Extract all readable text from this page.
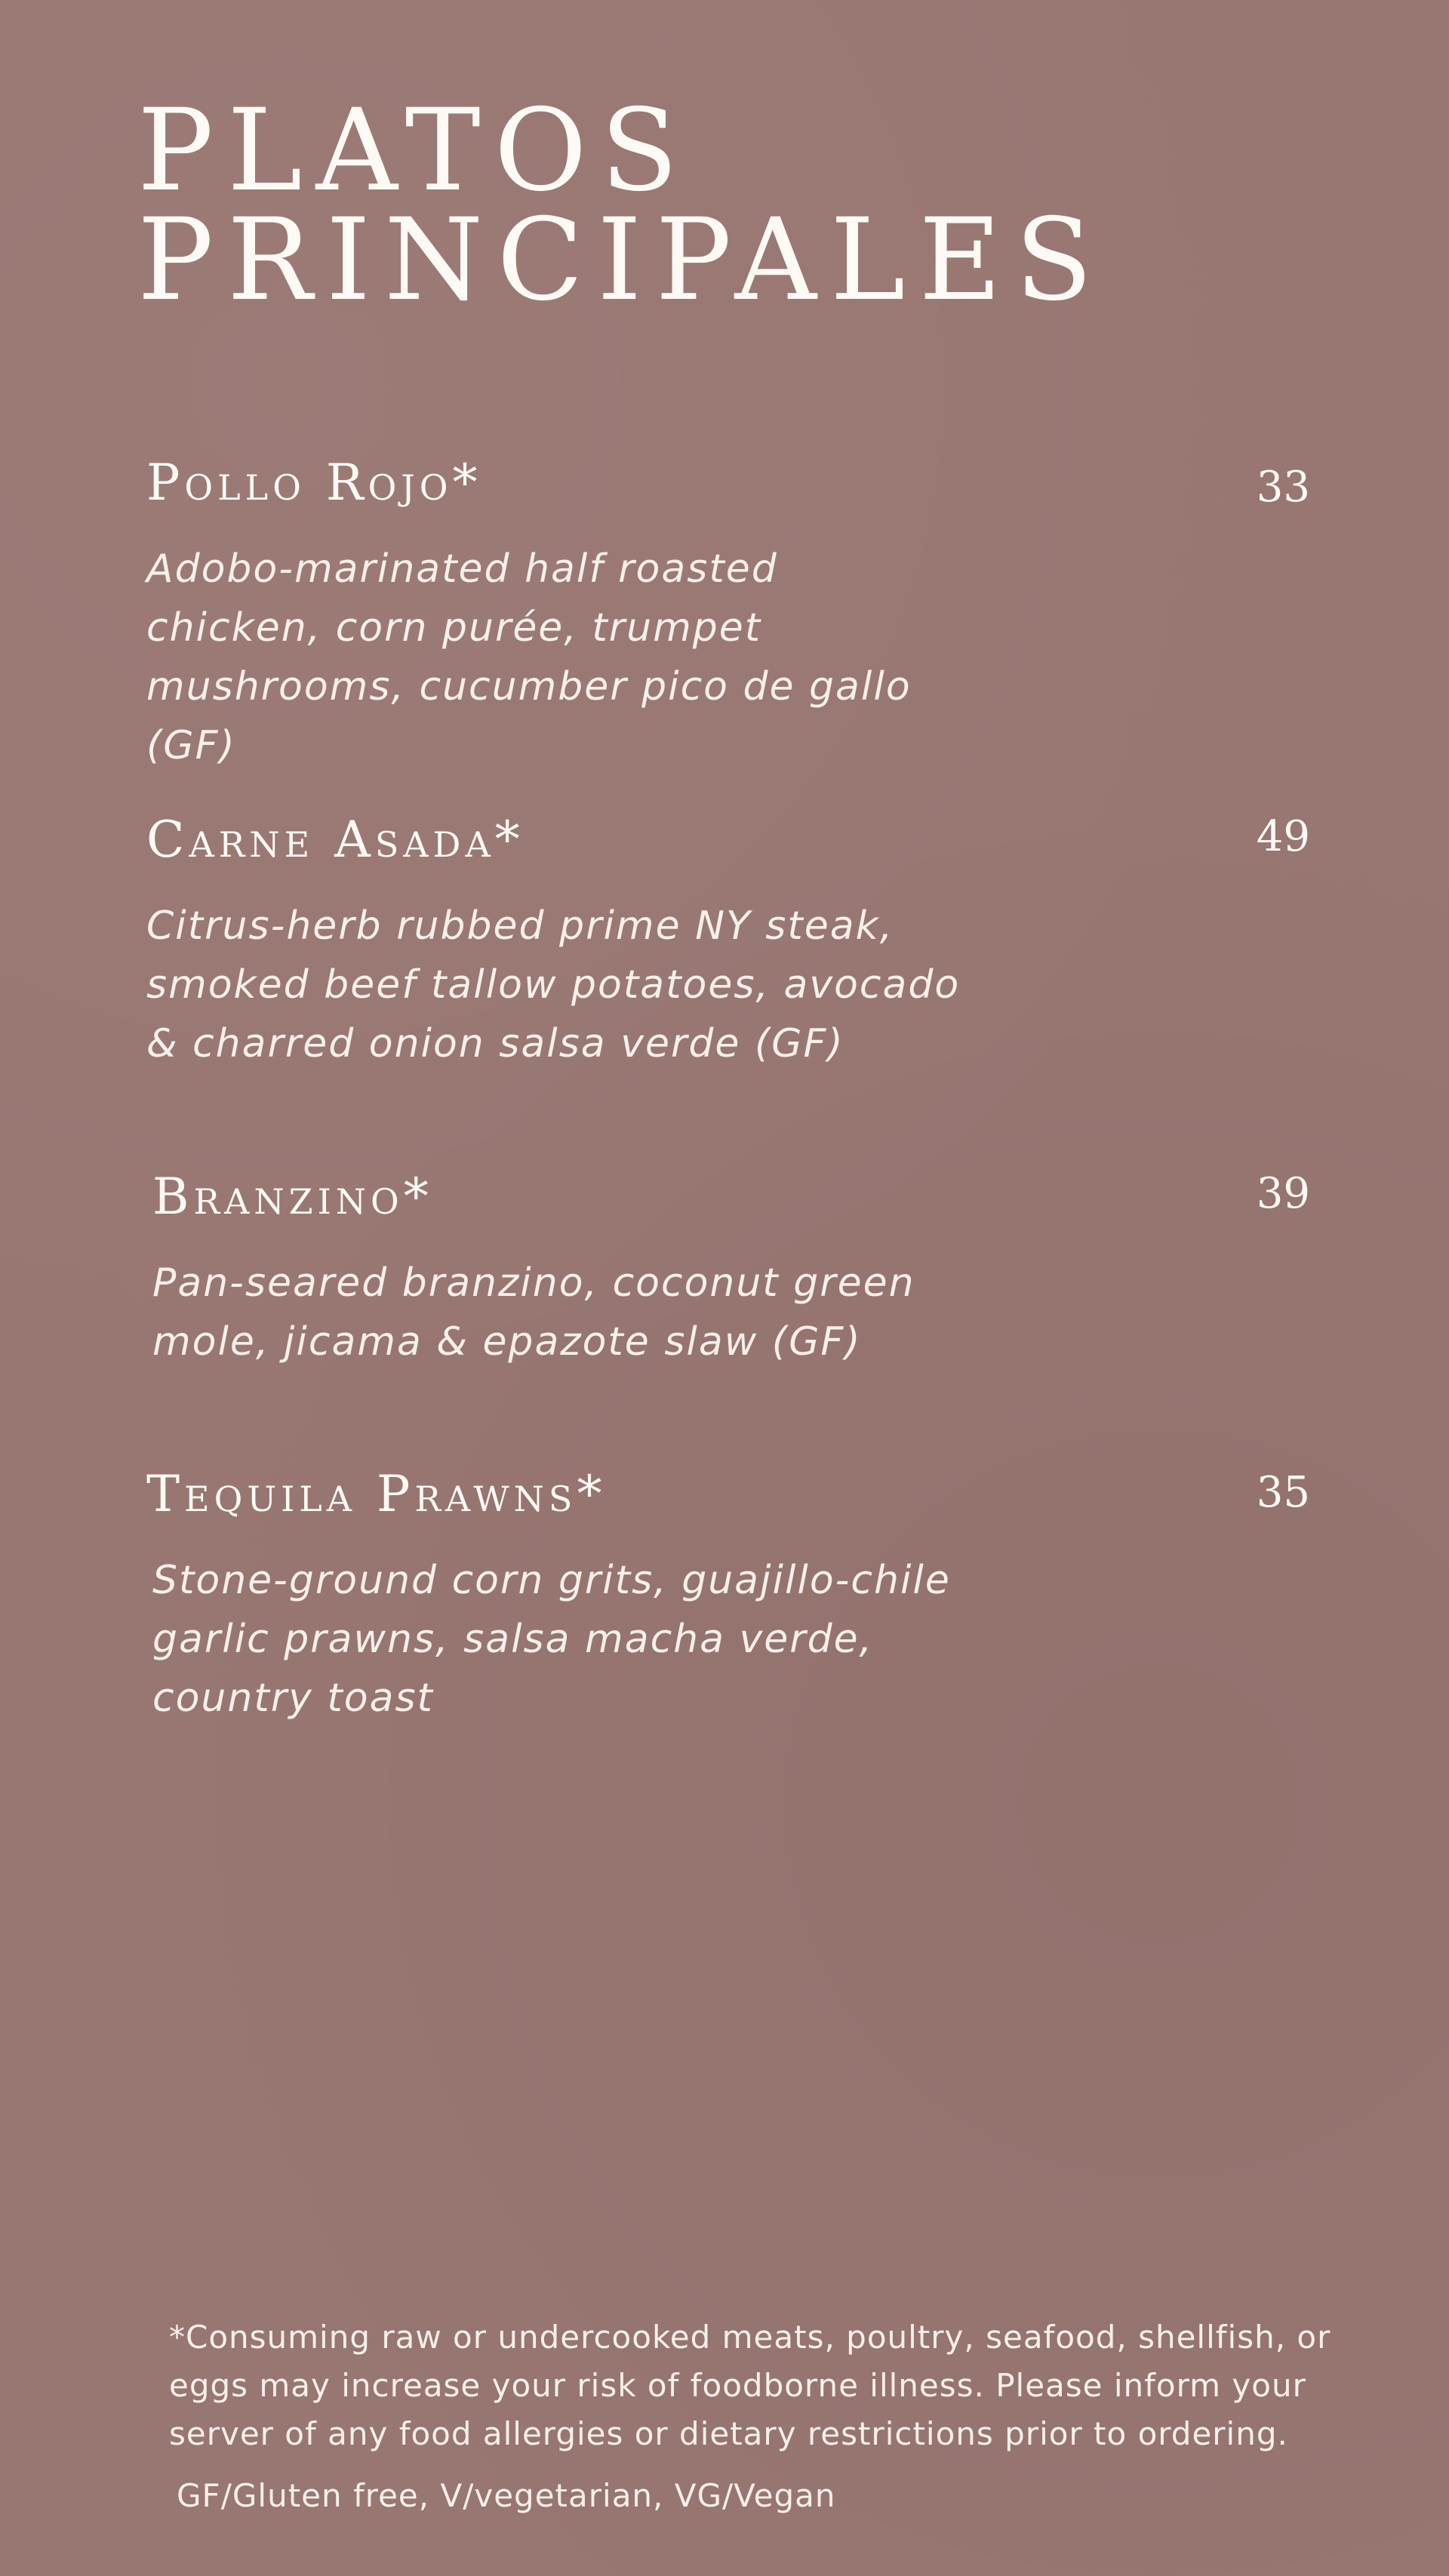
PLATOS
PRINCIPALES
Pollo Rojo*	33

Adobo-marinated half roasted chicken, corn purée, trumpet mushrooms, cucumber pico de gallo (GF)

Carne Asada*	49

Citrus-herb rubbed prime NY steak, smoked beef tallow potatoes, avocado & charred onion salsa verde (GF)

Branzino*	39

Pan-seared branzino, coconut green mole, jicama & epazote slaw (GF)

Tequila Prawns*	35

Stone-ground corn grits, guajillo-chile garlic prawns, salsa macha verde, country toast

*Consuming raw or undercooked meats, poultry, seafood, shellfish, or eggs may increase your risk of foodborne illness. Please inform your server of any food allergies or dietary restrictions prior to ordering.

GF/Gluten free, V/vegetarian, VG/Vegan
